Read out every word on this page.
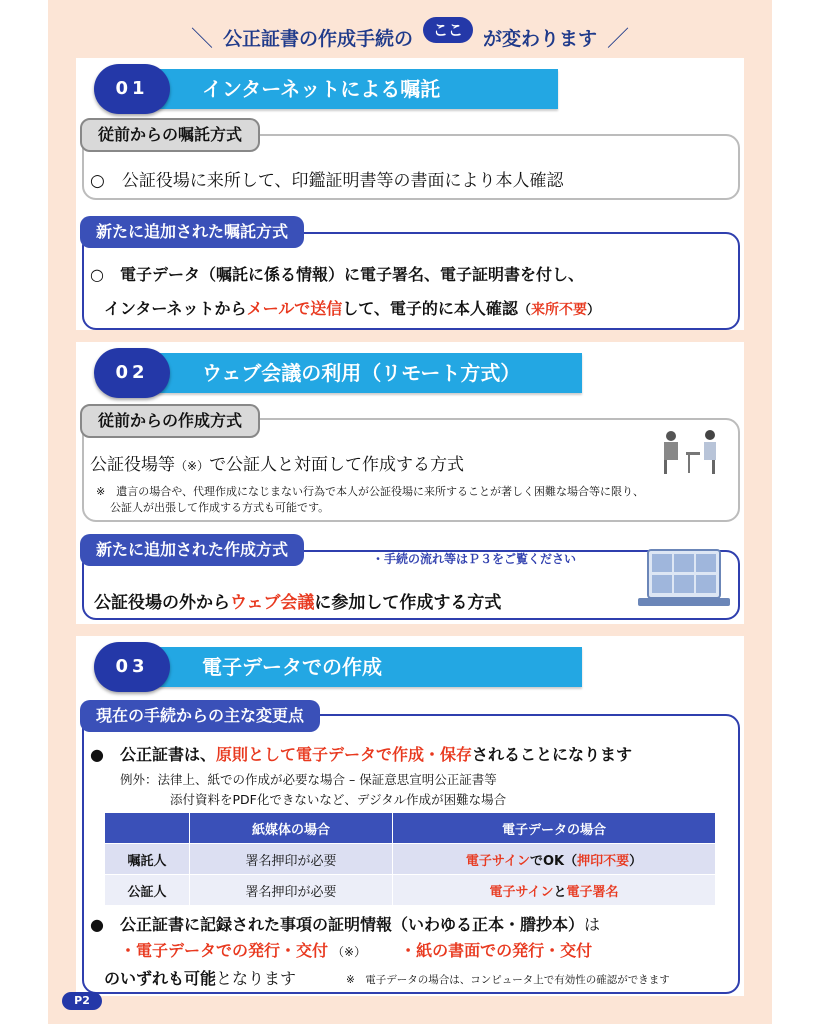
＼ 公正証書の作成手続の	ここ	が変わります ／
01	インターネットによる嘱託
従前からの嘱託方式
○　公証役場に来所して、印鑑証明書等の書面により本人確認
新たに追加された嘱託方式
○　電子データ（嘱託に係る情報）に電子署名、電子証明書を付し、
インターネットからメールで送信して、電子的に本人確認（来所不要）
02	ウェブ会議の利用（リモート方式）
従前からの作成方式
公証役場等（※）で公証人と対面して作成する方式
※　遺言の場合や、代理作成になじまない行為で本人が公証役場に来所することが著しく困難な場合等に限り、
公証人が出張して作成する方式も可能です。
新たに追加された作成方式	・手続の流れ等はＰ３をご覧ください
公証役場の外からウェブ会議に参加して作成する方式
03	電子データでの作成
現在の手続からの主な変更点
●　公正証書は、原則として電子データで作成・保存されることになります
例外：法律上、紙での作成が必要な場合 – 保証意思宣明公正証書等
添付資料をPDF化できないなど、デジタル作成が困難な場合
	紙媒体の場合	電子データの場合
嘱託人	署名押印が必要	電子サインでOK（押印不要）
公証人	署名押印が必要	電子サインと電子署名
●　公正証書に記録された事項の証明情報（いわゆる正本・謄抄本）は
・電子データでの発行・交付 （※）	・紙の書面での発行・交付
のいずれも可能となります	※　電子データの場合は、コンピュータ上で有効性の確認ができます
P2
